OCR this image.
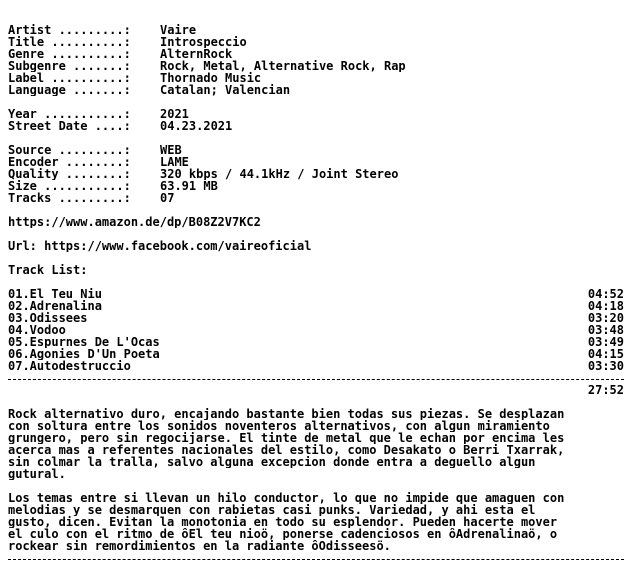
Artist .........:	Vaire
Title ..........:	Introspeccio
Genre ..........:	AlternRock
Subgenre .......:	Rock, Metal, Alternative Rock, Rap
Label ..........:	Thornado Music
Language .......:	Catalan; Valencian
Year ...........:	2021
Street Date ....:	04.23.2021
Source .........:	WEB
Encoder ........:	LAME
Quality ........:	320 kbps / 44.1kHz / Joint Stereo
Size ...........:	63.91 MB
Tracks .........:	07
https://www.amazon.de/dp/B08Z2V7KC2
Url: https://www.facebook.com/vaireoficial
Track List:
01.El Teu Niu	04:52
02.Adrenalina	04:18
03.Odissees	03:20
04.Vodoo	03:48
05.Espurnes De L'Ocas	03:49
06.Agonies D'Un Poeta	04:15
07.Autodestruccio	03:30
27:52
Rock alternativo duro, encajando bastante bien todas sus piezas. Se desplazan
con soltura entre los sonidos noventeros alternativos, con algun miramiento
grungero, pero sin regocijarse. El tinte de metal que le echan por encima les
acerca mas a referentes nacionales del estilo, como Desakato o Berri Txarrak,
sin colmar la tralla, salvo alguna excepcion donde entra a deguello algun
gutural.
Los temas entre si llevan un hilo conductor, lo que no impide que amaguen con
melodias y se desmarquen con rabietas casi punks. Variedad, y ahi esta el
gusto, dicen. Evitan la monotonia en todo su esplendor. Pueden hacerte mover
el culo con el ritmo de ôEl teu nioö, ponerse cadenciosos en ôAdrenalinaö, o
rockear sin remordimientos en la radiante ôOdisseesö.
